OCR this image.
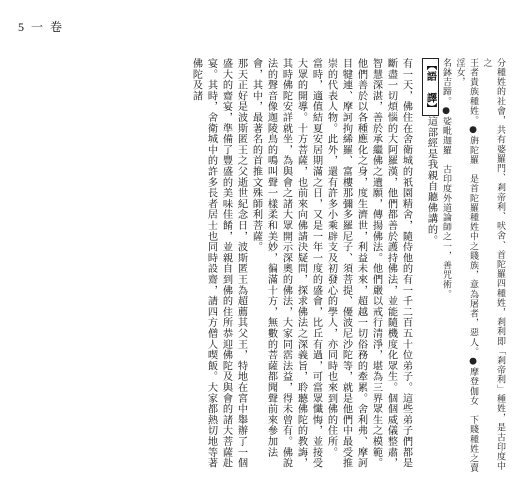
5 一 卷
分種姓的社會，共有婆羅門、剎帝利、吠舍、首陀羅四種姓，剎利即「剎帝利」種姓，是古印度中之
王者貴族種姓。●旃陀羅　是首陀羅種姓中之賤族，意為屠者，惡人。●摩登伽女　下賤種姓之賣淫女，
名鉢吉蹄。●娑毗迦羅　古印度外道論師之一，善咒術。
【語　譯】這部經是我親自聽佛講的。
有一天，佛住在舍衛城的祇園精舍，隨侍他的有一千二百五十位弟子。這些弟子們都是斷盡一切煩惱的大阿羅漢，他們都善於護持佛法，並能隨機度化眾生。個個威儀整肅，智慧深湛，善於承繼佛之遺願，傳揚佛法。他們嚴以戒行清淨，堪為三界眾生之模範。他們善於以各種應化之身，度生濟世，利益未來，超越一切俗務的牽累。舍利弗、摩訶目犍連、摩訶拘絺羅、富樓那彌多羅尼子、須菩提、優波尼沙陀等，就是他們中最受推崇的代表人物。此外，還有許多小乘辟支及初發心的學人，亦同時也來到佛的住所。
當時，適值結夏安居期滿之日，又是一年一度的盛會，比丘有過，可當眾懺悔，並接受大眾的開導。十方菩薩，也前來向佛請決疑問，探求佛法之深義旨，聆聽佛陀的教誨，其時佛陀安詳就坐，為與會之諸大眾開示深奧的佛法，大家同霑法益，得未曾有。佛說法的聲音像迦陵鳥的鳴叫聲一樣柔和美妙，徧滿十方，無數的菩薩都聞聲前來參加法會，其中，最著名的首推文殊師利菩薩。
那天正好是波斯匿王之父逝世紀念日，波斯匿王為超薦其父王，特地在宮中舉辦了一個盛大的齋宴，準備了豐盛的美味佳餚，並親自到佛的住所恭迎佛陀及與會的諸大菩薩赴宴。其時，舍衛城中的許多長者居士也同時設齋，請四方僧人喫飯。大家都熱切地等著佛陀及諸
